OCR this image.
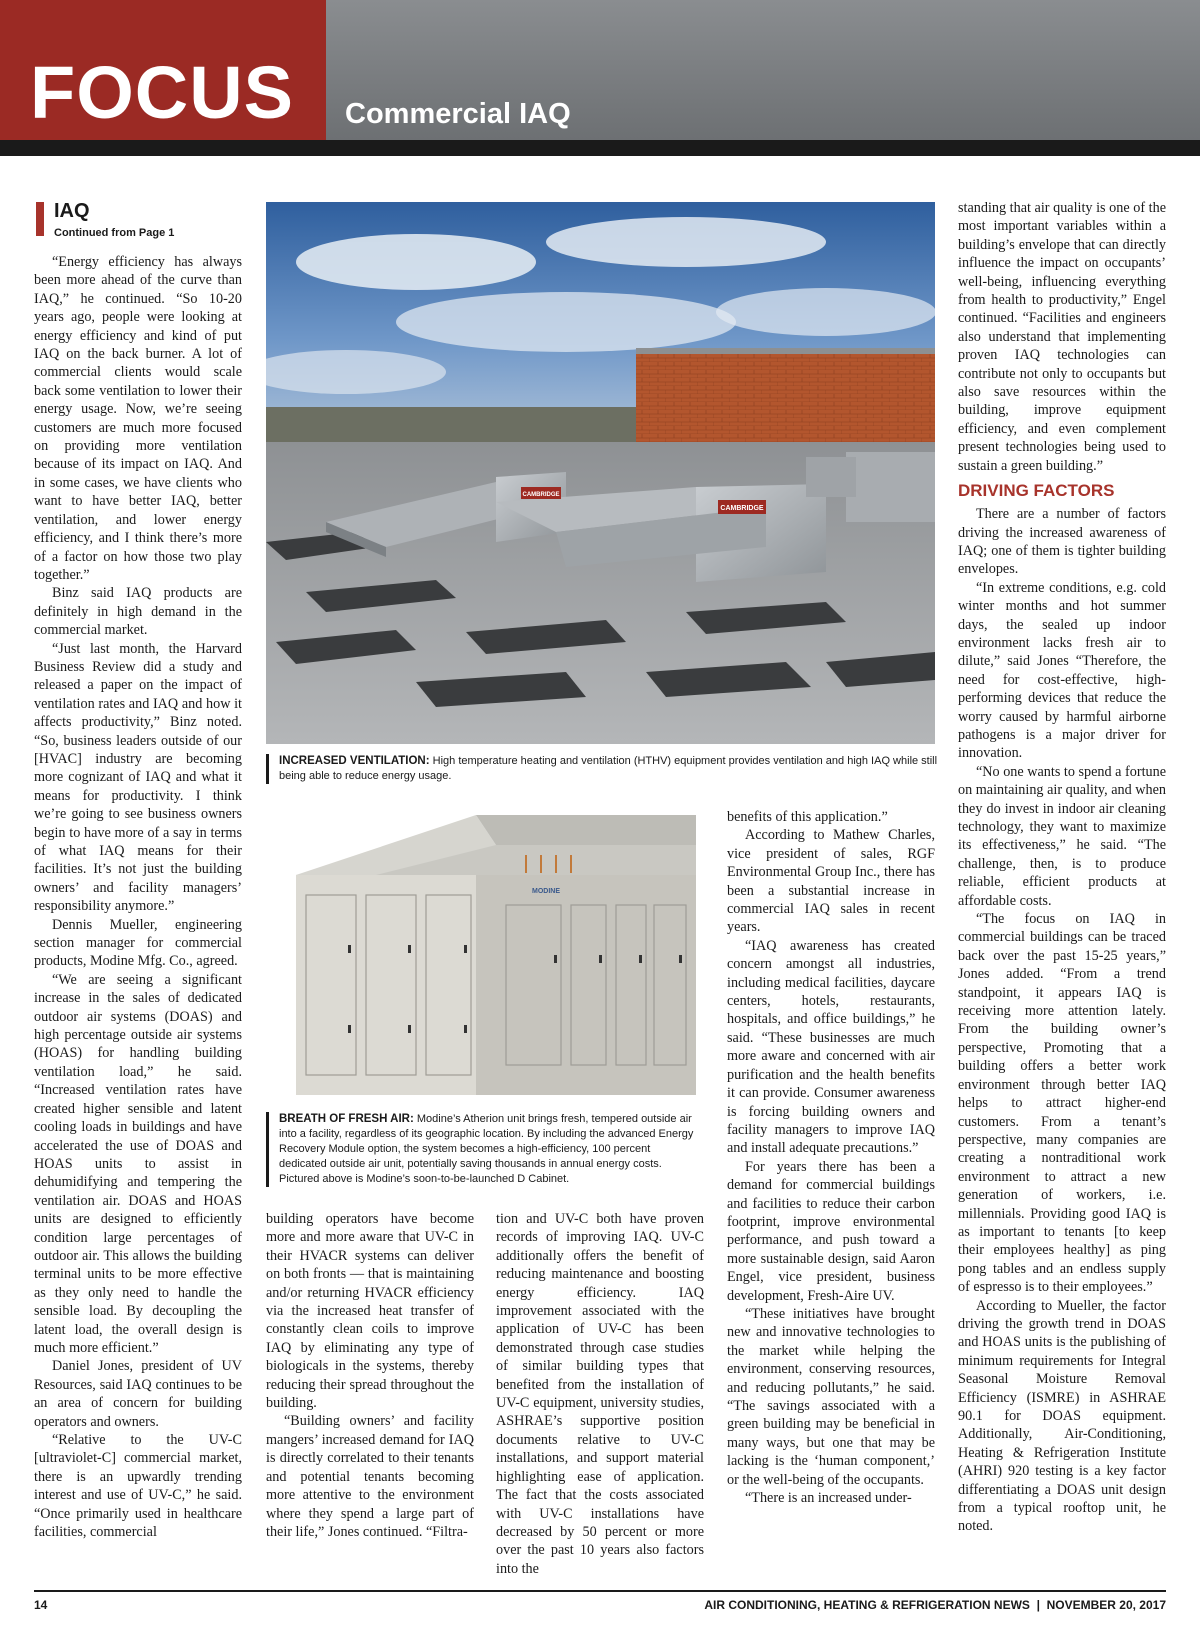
FOCUS Commercial IAQ
IAQ
Continued from Page 1

“Energy efficiency has always been more ahead of the curve than IAQ,” he continued. “So 10-20 years ago, people were looking at energy efficiency and kind of put IAQ on the back burner. A lot of commercial clients would scale back some ventilation to lower their energy usage. Now, we’re seeing customers are much more focused on providing more ventilation because of its impact on IAQ. And in some cases, we have clients who want to have better IAQ, better ventilation, and lower energy efficiency, and I think there’s more of a factor on how those two play together.”

Binz said IAQ products are definitely in high demand in the commercial market.

“Just last month, the Harvard Business Review did a study and released a paper on the impact of ventilation rates and IAQ and how it affects productivity,” Binz noted. “So, business leaders outside of our [HVAC] industry are becoming more cognizant of IAQ and what it means for productivity. I think we’re going to see business owners begin to have more of a say in terms of what IAQ means for their facilities. It’s not just the building owners’ and facility managers’ responsibility anymore.”

Dennis Mueller, engineering section manager for commercial products, Modine Mfg. Co., agreed.

“We are seeing a significant increase in the sales of dedicated outdoor air systems (DOAS) and high percentage outside air systems (HOAS) for handling building ventilation load,” he said. “Increased ventilation rates have created higher sensible and latent cooling loads in buildings and have accelerated the use of DOAS and HOAS units to assist in dehumidifying and tempering the ventilation air. DOAS and HOAS units are designed to efficiently condition large percentages of outdoor air. This allows the building terminal units to be more effective as they only need to handle the sensible load. By decoupling the latent load, the overall design is much more efficient.”

Daniel Jones, president of UV Resources, said IAQ continues to be an area of concern for building operators and owners.

“Relative to the UV-C [ultraviolet-C] commercial market, there is an upwardly trending interest and use of UV-C,” he said. “Once primarily used in healthcare facilities, commercial

CAMBRIDGE
CAMBRIDGE
INCREASED VENTILATION: High temperature heating and ventilation (HTHV) equipment provides ventilation and high IAQ while still being able to reduce energy usage.
MODINE
BREATH OF FRESH AIR: Modine’s Atherion unit brings fresh, tempered outside air into a facility, regardless of its geographic location. By including the advanced Energy Recovery Module option, the system becomes a high-efficiency, 100 percent dedicated outside air unit, potentially saving thousands in annual energy costs. Pictured above is Modine’s soon-to-be-launched D Cabinet.

building operators have become more and more aware that UV-C in their HVACR systems can deliver on both fronts — that is maintaining and/or returning HVACR efficiency via the increased heat transfer of constantly clean coils to improve IAQ by eliminating any type of biologicals in the systems, thereby reducing their spread throughout the building.

“Building owners’ and facility mangers’ increased demand for IAQ is directly correlated to their tenants and potential tenants becoming more attentive to the environment where they spend a large part of their life,” Jones continued. “Filtra-

tion and UV-C both have proven records of improving IAQ. UV-C additionally offers the benefit of reducing maintenance and boosting energy efficiency. IAQ improvement associated with the application of UV-C has been demonstrated through case studies of similar building types that benefited from the installation of UV-C equipment, university studies, ASHRAE’s supportive position documents relative to UV-C installations, and support material highlighting ease of application. The fact that the costs associated with UV-C installations have decreased by 50 percent or more over the past 10 years also factors into the

benefits of this application.”

According to Mathew Charles, vice president of sales, RGF Environmental Group Inc., there has been a substantial increase in commercial IAQ sales in recent years.

“IAQ awareness has created concern amongst all industries, including medical facilities, daycare centers, hotels, restaurants, hospitals, and office buildings,” he said. “These businesses are much more aware and concerned with air purification and the health benefits it can provide. Consumer awareness is forcing building owners and facility managers to improve IAQ and install adequate precautions.”

For years there has been a demand for commercial buildings and facilities to reduce their carbon footprint, improve environmental performance, and push toward a more sustainable design, said Aaron Engel, vice president, business development, Fresh-Aire UV.

“These initiatives have brought new and innovative technologies to the market while helping the environment, conserving resources, and reducing pollutants,” he said. “The savings associated with a green building may be beneficial in many ways, but one that may be lacking is the ‘human component,’ or the well-being of the occupants.

“There is an increased under-

standing that air quality is one of the most important variables within a building’s envelope that can directly influence the impact on occupants’ well-being, influencing everything from health to productivity,” Engel continued. “Facilities and engineers also understand that implementing proven IAQ technologies can contribute not only to occupants but also save resources within the building, improve equipment efficiency, and even complement present technologies being used to sustain a green building.”

DRIVING FACTORS

There are a number of factors driving the increased awareness of IAQ; one of them is tighter building envelopes.

“In extreme conditions, e.g. cold winter months and hot summer days, the sealed up indoor environment lacks fresh air to dilute,” said Jones “Therefore, the need for cost-effective, high-performing devices that reduce the worry caused by harmful airborne pathogens is a major driver for innovation.

“No one wants to spend a fortune on maintaining air quality, and when they do invest in indoor air cleaning technology, they want to maximize its effectiveness,” he said. “The challenge, then, is to produce reliable, efficient products at affordable costs.

“The focus on IAQ in commercial buildings can be traced back over the past 15-25 years,” Jones added. “From a trend standpoint, it appears IAQ is receiving more attention lately. From the building owner’s perspective, Promoting that a building offers a better work environment through better IAQ helps to attract higher-end customers. From a tenant’s perspective, many companies are creating a nontraditional work environment to attract a new generation of workers, i.e. millennials. Providing good IAQ is as important to tenants [to keep their employees healthy] as ping pong tables and an endless supply of espresso is to their employees.”

According to Mueller, the factor driving the growth trend in DOAS and HOAS units is the publishing of minimum requirements for Integral Seasonal Moisture Removal Efficiency (ISMRE) in ASHRAE 90.1 for DOAS equipment. Additionally, Air-Conditioning, Heating & Refrigeration Institute (AHRI) 920 testing is a key factor differentiating a DOAS unit design from a typical rooftop unit, he noted.

14	AIR CONDITIONING, HEATING & REFRIGERATION NEWS  |  NOVEMBER 20, 2017
